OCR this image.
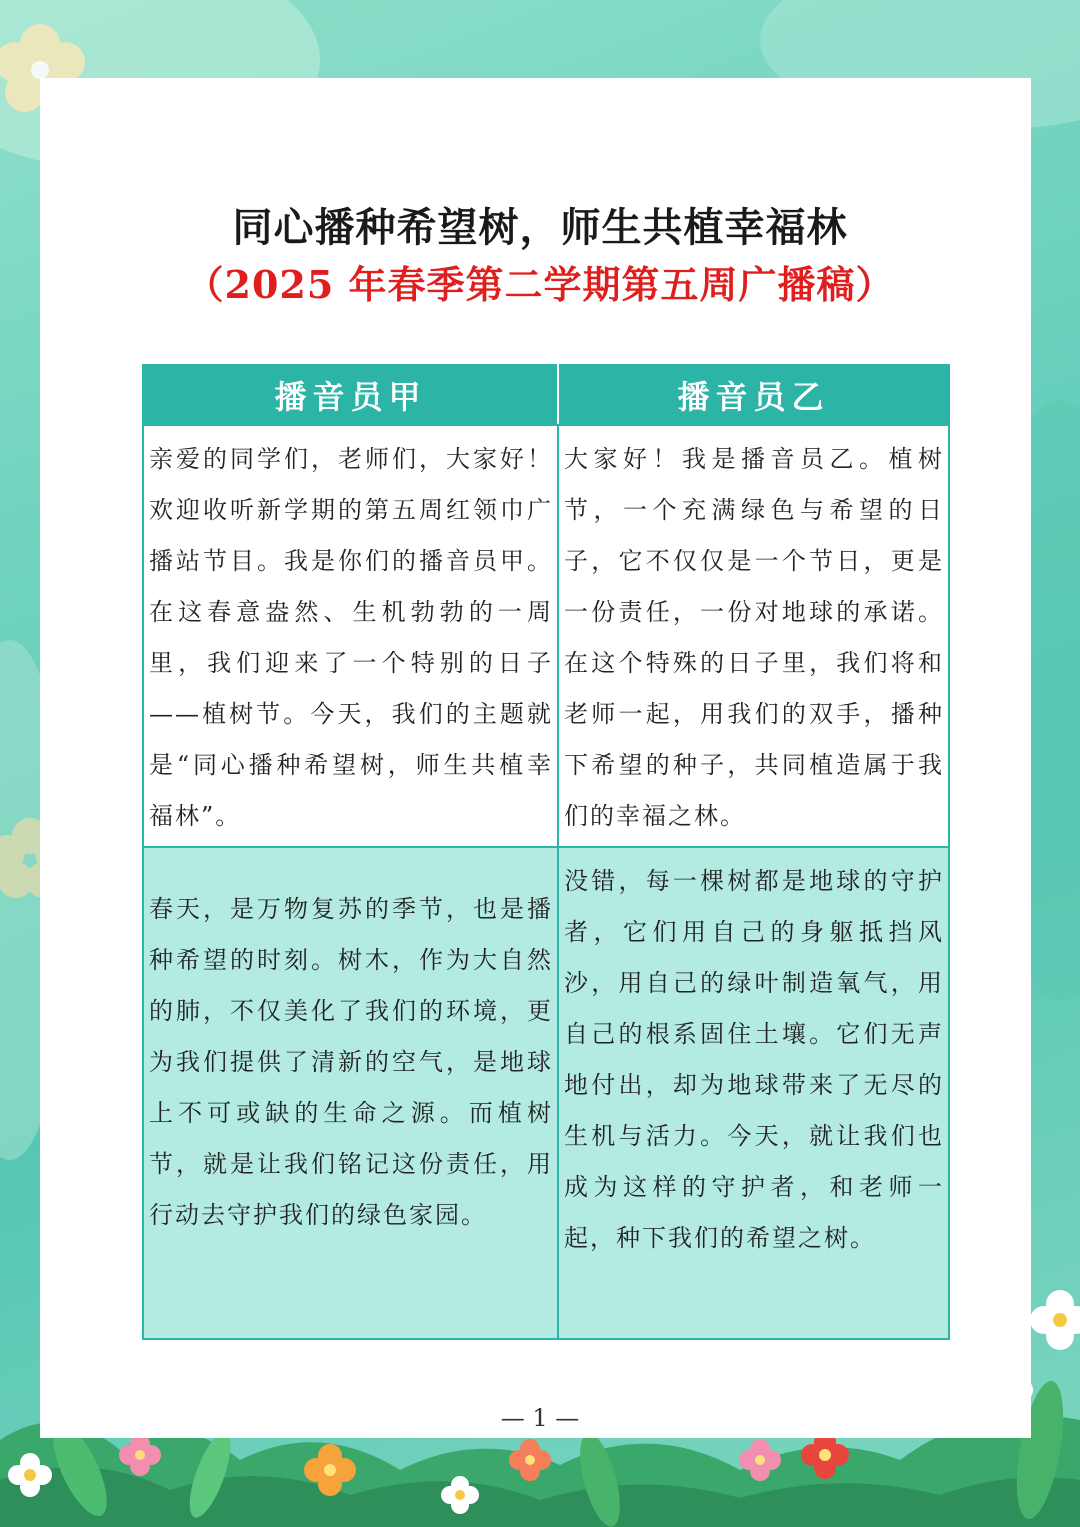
同心播种希望树，师生共植幸福林
（2025 年春季第二学期第五周广播稿）
播音员甲	播音员乙
亲爱的同学们，老师们，大家好！欢迎收听新学期的第五周红领巾广播站节目。我是你们的播音员甲。在这春意盎然、生机勃勃的一周里，我们迎来了一个特别的日子——植树节。今天，我们的主题就是“同心播种希望树，师生共植幸福林”。	大家好！我是播音员乙。植树节，一个充满绿色与希望的日子，它不仅仅是一个节日，更是一份责任，一份对地球的承诺。在这个特殊的日子里，我们将和老师一起，用我们的双手，播种下希望的种子，共同植造属于我们的幸福之林。
春天，是万物复苏的季节，也是播种希望的时刻。树木，作为大自然的肺，不仅美化了我们的环境，更为我们提供了清新的空气，是地球上不可或缺的生命之源。而植树节，就是让我们铭记这份责任，用行动去守护我们的绿色家园。	没错，每一棵树都是地球的守护者，它们用自己的身躯抵挡风沙，用自己的绿叶制造氧气，用自己的根系固住土壤。它们无声地付出，却为地球带来了无尽的生机与活力。今天，就让我们也成为这样的守护者，和老师一起，种下我们的希望之树。
— 1 —
